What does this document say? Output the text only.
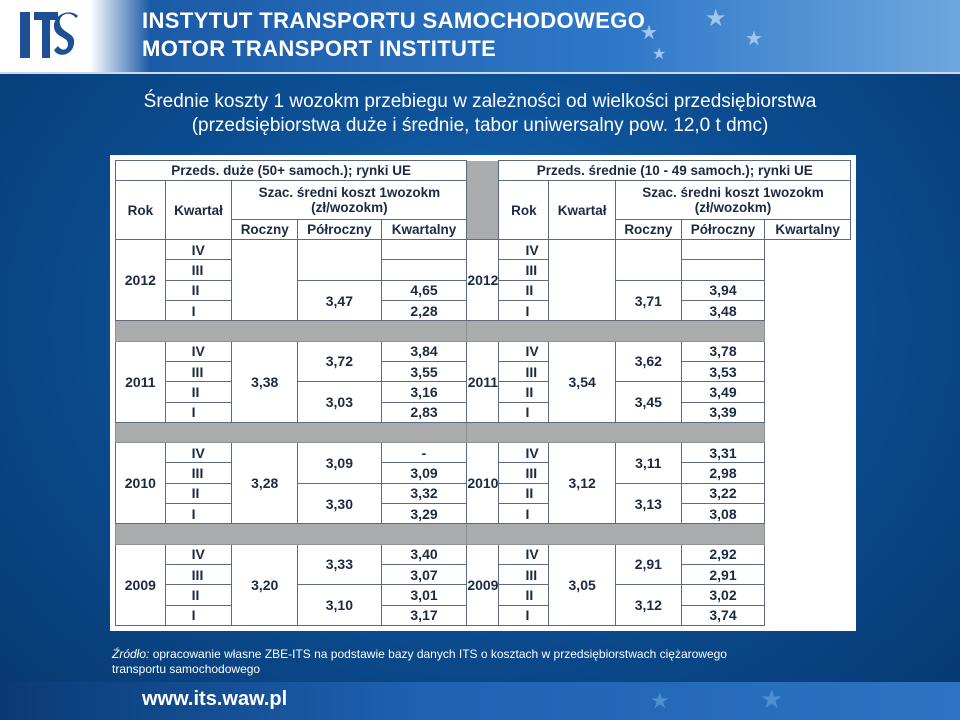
INSTYTUT TRANSPORTU SAMOCHODOWEGO
MOTOR TRANSPORT INSTITUTE
★
★
★
★
Średnie koszty 1 wozokm przebiegu w zależności od wielkości przedsiębiorstwa
(przedsiębiorstwa duże i średnie, tabor uniwersalny pow. 12,0 t dmc)
Przeds. duże (50+ samoch.); rynki UE						Przeds. średnie (10 - 49 samoch.); rynki UE				
Rok	Kwartał	Szac. średni koszt 1wozokm (zł/wozokm)				Rok	Kwartał	Szac. średni koszt 1wozokm (zł/wozokm)		
		Roczny	Półroczny	Kwartalny				Roczny	Półroczny	Kwartalny
2012	IV				2012	IV				
	III					III				
	II		3,47	4,65		II		3,71	3,94	
	I			2,28		I			3,48	

2011	IV	3,38	3,72	3,84	2011	IV	3,54	3,62	3,78	
	III			3,55		III			3,53	
	II		3,03	3,16		II		3,45	3,49	
	I			2,83		I			3,39	

2010	IV	3,28	3,09	-	2010	IV	3,12	3,11	3,31	
	III			3,09		III			2,98	
	II		3,30	3,32		II		3,13	3,22	
	I			3,29		I			3,08	

2009	IV	3,20	3,33	3,40	2009	IV	3,05	2,91	2,92	
	III			3,07		III			2,91	
	II		3,10	3,01		II		3,12	3,02	
	I			3,17		I			3,74	
Źródło: opracowanie własne ZBE-ITS na podstawie bazy danych ITS o kosztach w przedsiębiorstwach ciężarowego
transportu samochodowego
www.its.waw.pl	★	★
